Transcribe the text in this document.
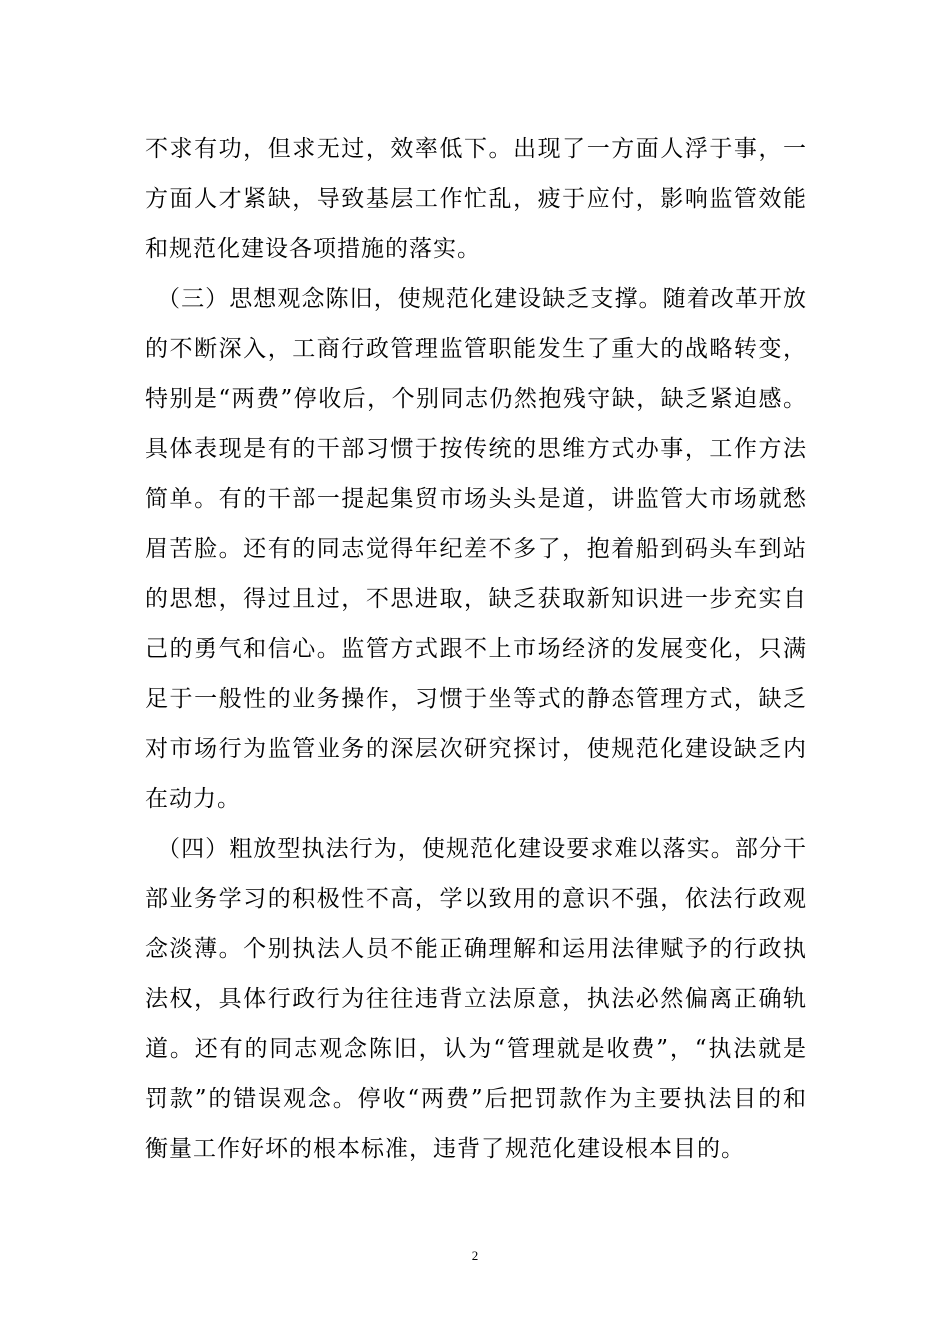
不求有功，但求无过，效率低下。出现了一方面人浮于事，一方面人才紧缺，导致基层工作忙乱，疲于应付，影响监管效能和规范化建设各项措施的落实。

（三）思想观念陈旧，使规范化建设缺乏支撑。随着改革开放的不断深入，工商行政管理监管职能发生了重大的战略转变，特别是“两费”停收后，个别同志仍然抱残守缺，缺乏紧迫感。具体表现是有的干部习惯于按传统的思维方式办事，工作方法简单。有的干部一提起集贸市场头头是道，讲监管大市场就愁眉苦脸。还有的同志觉得年纪差不多了，抱着船到码头车到站的思想，得过且过，不思进取，缺乏获取新知识进一步充实自己的勇气和信心。监管方式跟不上市场经济的发展变化，只满足于一般性的业务操作，习惯于坐等式的静态管理方式，缺乏对市场行为监管业务的深层次研究探讨，使规范化建设缺乏内在动力。

（四）粗放型执法行为，使规范化建设要求难以落实。部分干部业务学习的积极性不高，学以致用的意识不强，依法行政观念淡薄。个别执法人员不能正确理解和运用法律赋予的行政执法权，具体行政行为往往违背立法原意，执法必然偏离正确轨道。还有的同志观念陈旧，认为“管理就是收费”，“执法就是罚款”的错误观念。停收“两费”后把罚款作为主要执法目的和衡量工作好坏的根本标准，违背了规范化建设根本目的。

2
